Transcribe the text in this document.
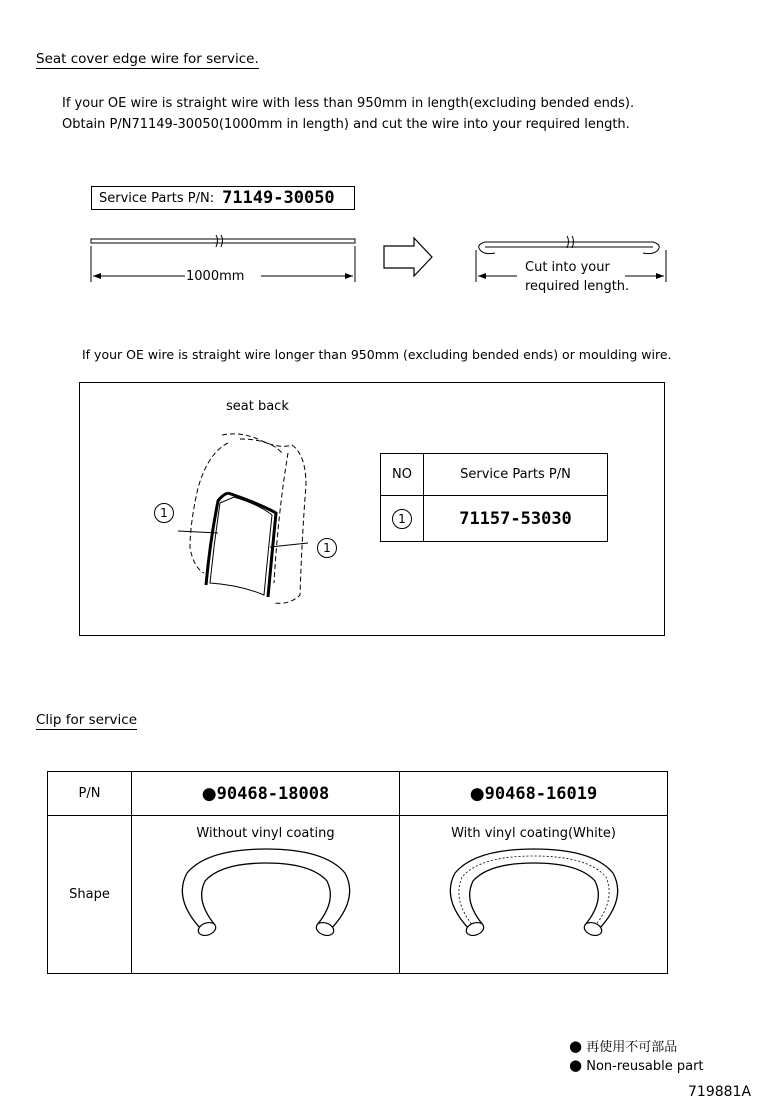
Seat cover edge wire for service.
If your OE wire is straight wire with less than 950mm in length(excluding bended ends).
Obtain P/N71149-30050(1000mm in length) and cut the wire into your required length.
Service Parts P/N: 71149-30050
1000mm
Cut into your
required length.
If your OE wire is straight wire longer than 950mm (excluding bended ends) or moulding wire.
seat back
1
1
NO	Service Parts P/N
1	71157-53030
Clip for service
P/N	●90468-18008	●90468-16019
Shape	Without vinyl coating	With vinyl coating(White)
● 再使用不可部品
● Non-reusable part
719881A
